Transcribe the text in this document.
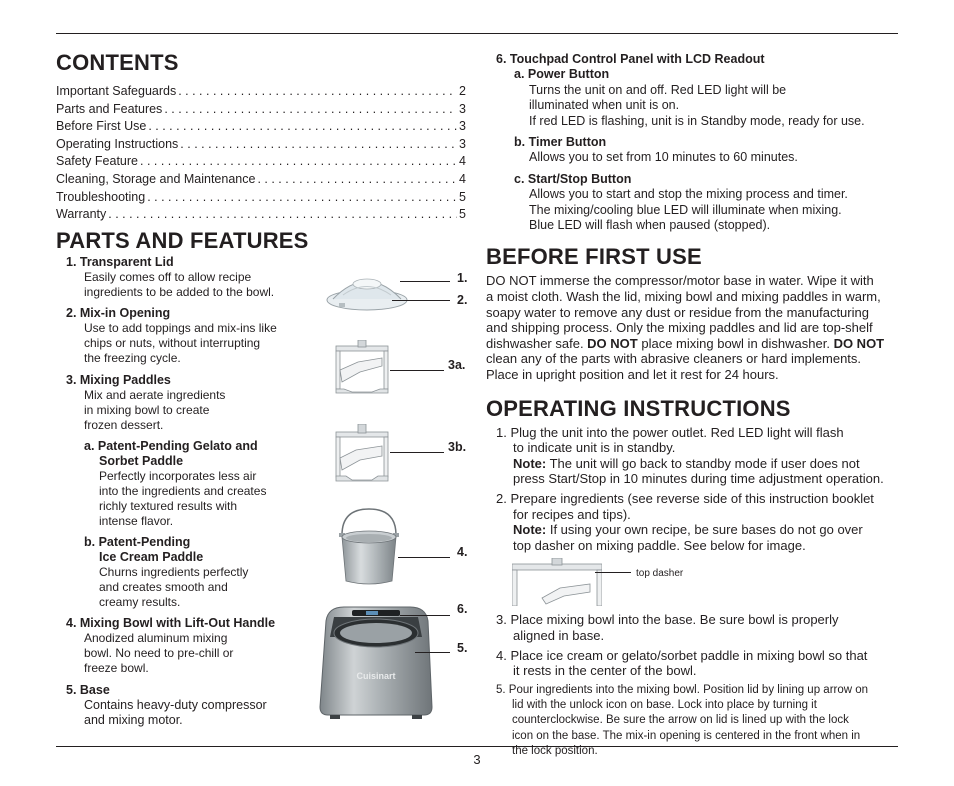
CONTENTS
Important Safeguards . . .	2
Parts and Features . . .	3
Before First Use . . .	3
Operating Instructions . . .	3
Safety Feature . . .	4
Cleaning, Storage and Maintenance . . .	4
Troubleshooting . . .	5
Warranty . . .	5
PARTS AND FEATURES
1. Transparent Lid
Easily comes off to allow recipe
ingredients to be added to the bowl.
2. Mix-in Opening
Use to add toppings and mix-ins like
chips or nuts, without interrupting
the freezing cycle.
3. Mixing Paddles
Mix and aerate ingredients
in mixing bowl to create
frozen dessert.
a. Patent-Pending Gelato and
Sorbet Paddle
Perfectly incorporates less air
into the ingredients and creates
richly textured results with
intense flavor.
b. Patent-Pending
Ice Cream Paddle
Churns ingredients perfectly
and creates smooth and
creamy results.
4. Mixing Bowl with Lift-Out Handle
Anodized aluminum mixing
bowl. No need to pre-chill or
freeze bowl.
5. Base
Contains heavy-duty compressor
and mixing motor.
1.
2.
3a.
3b.
4.
Cuisinart
6.
5.
6. Touchpad Control Panel with LCD Readout
a. Power Button
Turns the unit on and off. Red LED light will be
illuminated when unit is on.
If red LED is flashing, unit is in Standby mode, ready for use.
b. Timer Button
Allows you to set from 10 minutes to 60 minutes.
c. Start/Stop Button
Allows you to start and stop the mixing process and timer.
The mixing/cooling blue LED will illuminate when mixing.
Blue LED will flash when paused (stopped).
BEFORE FIRST USE
DO NOT immerse the compressor/motor base in water. Wipe it with
a moist cloth. Wash the lid, mixing bowl and mixing paddles in warm,
soapy water to remove any dust or residue from the manufacturing
and shipping process. Only the mixing paddles and lid are top-shelf
dishwasher safe. DO NOT place mixing bowl in dishwasher. DO NOT
clean any of the parts with abrasive cleaners or hard implements.
Place in upright position and let it rest for 24 hours.
OPERATING INSTRUCTIONS
1. Plug the unit into the power outlet. Red LED light will flash
to indicate unit is in standby.
Note: The unit will go back to standby mode if user does not
press Start/Stop in 10 minutes during time adjustment operation.
2. Prepare ingredients (see reverse side of this instruction booklet
for recipes and tips).
Note: If using your own recipe, be sure bases do not go over
top dasher on mixing paddle. See below for image.
top dasher
3. Place mixing bowl into the base. Be sure bowl is properly
aligned in base.
4. Place ice cream or gelato/sorbet paddle in mixing bowl so that
it rests in the center of the bowl.
5. Pour ingredients into the mixing bowl. Position lid by lining up arrow on
lid with the unlock icon on base. Lock into place by turning it
counterclockwise. Be sure the arrow on lid is lined up with the lock
icon on the base. The mix-in opening is centered in the front when in
the lock position.
3
